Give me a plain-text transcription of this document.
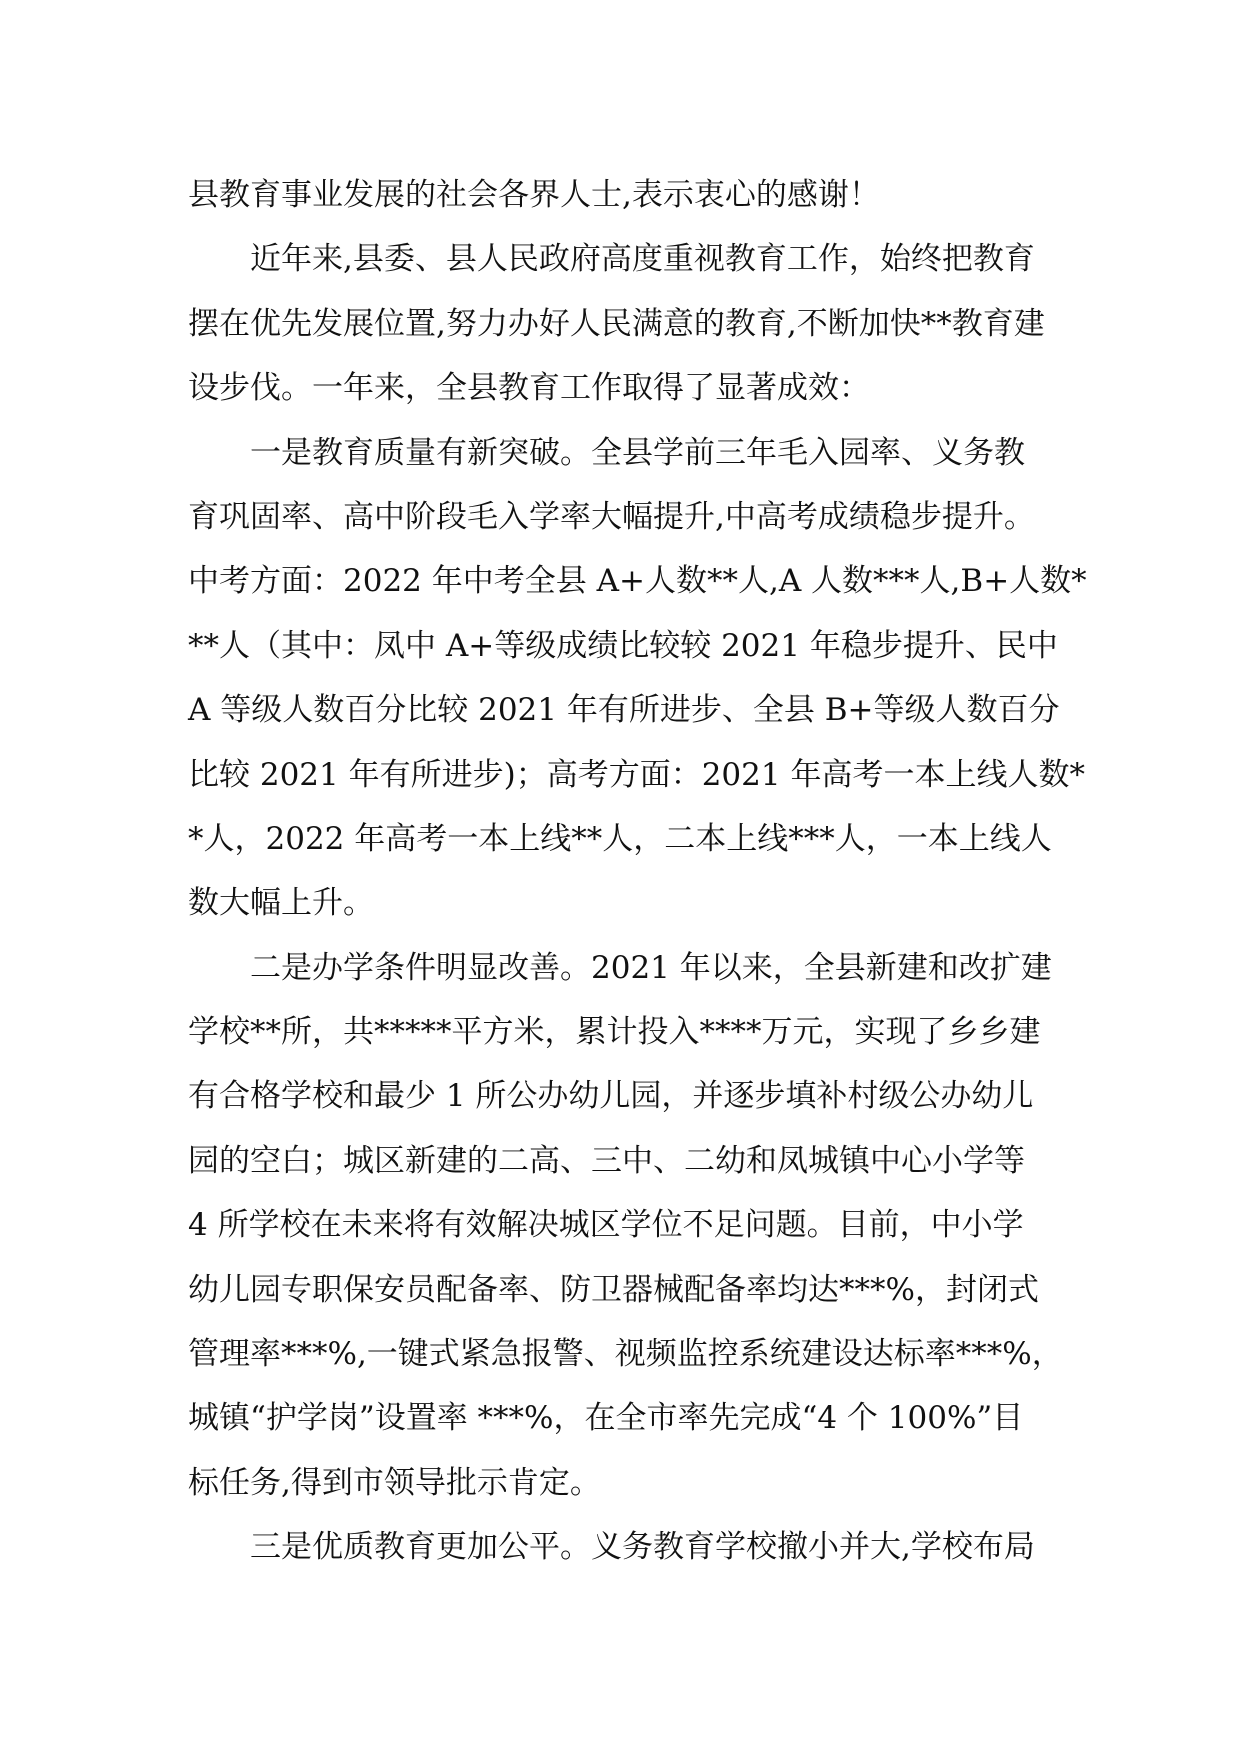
县教育事业发展的社会各界人士,表示衷心的感谢！
近年来,县委、县人民政府高度重视教育工作，始终把教育
摆在优先发展位置,努力办好人民满意的教育,不断加快**教育建
设步伐。一年来，全县教育工作取得了显著成效：
一是教育质量有新突破。全县学前三年毛入园率、义务教
育巩固率、高中阶段毛入学率大幅提升,中高考成绩稳步提升。
中考方面：2022 年中考全县 A+人数**人,A 人数***人,B+人数*
**人（其中：凤中 A+等级成绩比较较 2021 年稳步提升、民中
A 等级人数百分比较 2021 年有所进步、全县 B+等级人数百分
比较 2021 年有所进步)；高考方面：2021 年高考一本上线人数*
*人，2022 年高考一本上线**人，二本上线***人，一本上线人
数大幅上升。
二是办学条件明显改善。2021 年以来，全县新建和改扩建
学校**所，共*****平方米，累计投入****万元，实现了乡乡建
有合格学校和最少 1 所公办幼儿园，并逐步填补村级公办幼儿
园的空白；城区新建的二高、三中、二幼和凤城镇中心小学等
4 所学校在未来将有效解决城区学位不足问题。目前，中小学
幼儿园专职保安员配备率、防卫器械配备率均达***%，封闭式
管理率***%,一键式紧急报警、视频监控系统建设达标率***%，
城镇“护学岗”设置率 ***%，在全市率先完成“4 个 100%”目
标任务,得到市领导批示肯定。
三是优质教育更加公平。义务教育学校撤小并大,学校布局
